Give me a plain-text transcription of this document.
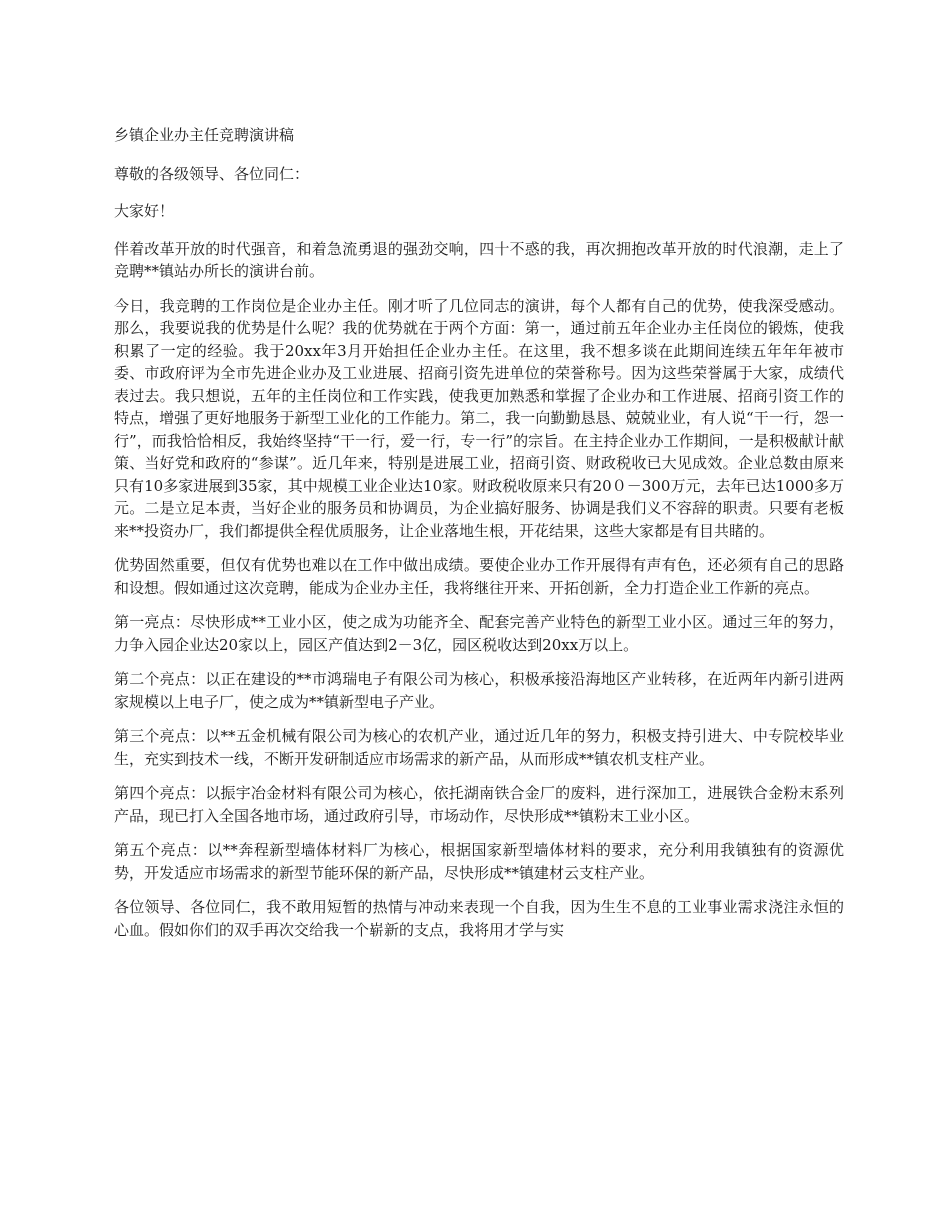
乡镇企业办主任竞聘演讲稿

尊敬的各级领导、各位同仁：

大家好！

伴着改革开放的时代强音，和着急流勇退的强劲交响，四十不惑的我，再次拥抱改革开放的时代浪潮，走上了竞聘**镇站办所长的演讲台前。

今日，我竞聘的工作岗位是企业办主任。刚才听了几位同志的演讲，每个人都有自己的优势，使我深受感动。那么，我要说我的优势是什么呢？我的优势就在于两个方面：第一，通过前五年企业办主任岗位的锻炼，使我积累了一定的经验。我于20xx年3月开始担任企业办主任。在这里，我不想多谈在此期间连续五年年年被市委、市政府评为全市先进企业办及工业进展、招商引资先进单位的荣誉称号。因为这些荣誉属于大家，成绩代表过去。我只想说，五年的主任岗位和工作实践，使我更加熟悉和掌握了企业办和工作进展、招商引资工作的特点，增强了更好地服务于新型工业化的工作能力。第二，我一向勤勤恳恳、兢兢业业，有人说“干一行，怨一行”，而我恰恰相反，我始终坚持“干一行，爱一行，专一行”的宗旨。在主持企业办工作期间，一是积极献计献策、当好党和政府的“参谋”。近几年来，特别是进展工业，招商引资、财政税收已大见成效。企业总数由原来只有10多家进展到35家，其中规模工业企业达10家。财政税收原来只有20０－300万元，去年已达1000多万元。二是立足本责，当好企业的服务员和协调员，为企业搞好服务、协调是我们义不容辞的职责。只要有老板来**投资办厂，我们都提供全程优质服务，让企业落地生根，开花结果，这些大家都是有目共睹的。

优势固然重要，但仅有优势也难以在工作中做出成绩。要使企业办工作开展得有声有色，还必须有自己的思路和设想。假如通过这次竞聘，能成为企业办主任，我将继往开来、开拓创新，全力打造企业工作新的亮点。

第一亮点：尽快形成**工业小区，使之成为功能齐全、配套完善产业特色的新型工业小区。通过三年的努力，力争入园企业达20家以上，园区产值达到2－3亿，园区税收达到20xx万以上。

第二个亮点：以正在建设的**市鸿瑞电子有限公司为核心，积极承接沿海地区产业转移，在近两年内新引进两家规模以上电子厂，使之成为**镇新型电子产业。

第三个亮点：以**五金机械有限公司为核心的农机产业，通过近几年的努力，积极支持引进大、中专院校毕业生，充实到技术一线，不断开发研制适应市场需求的新产品，从而形成**镇农机支柱产业。

第四个亮点：以振宇冶金材料有限公司为核心，依托湖南铁合金厂的废料，进行深加工，进展铁合金粉末系列产品，现已打入全国各地市场，通过政府引导，市场动作，尽快形成**镇粉末工业小区。

第五个亮点：以**奔程新型墙体材料厂为核心，根据国家新型墙体材料的要求，充分利用我镇独有的资源优势，开发适应市场需求的新型节能环保的新产品，尽快形成**镇建材云支柱产业。

各位领导、各位同仁，我不敢用短暂的热情与冲动来表现一个自我，因为生生不息的工业事业需求浇注永恒的心血。假如你们的双手再次交给我一个崭新的支点，我将用才学与实
